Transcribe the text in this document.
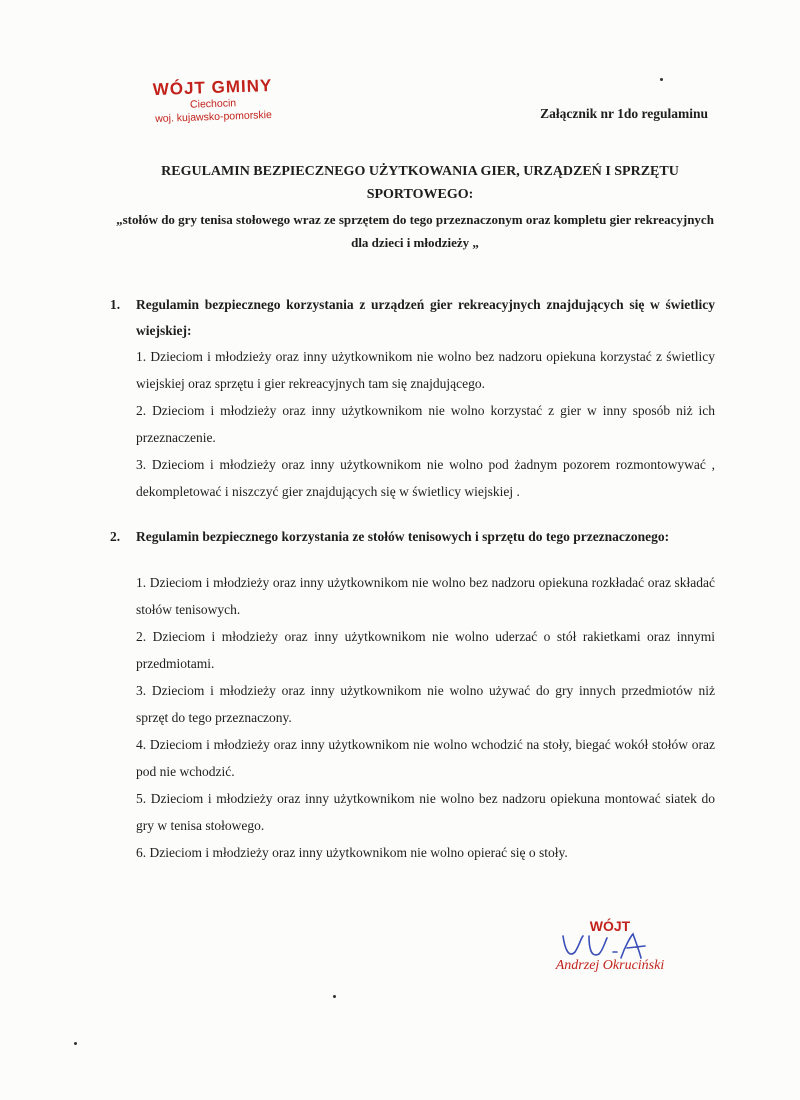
WÓJT GMINY
Ciechocin
woj. kujawsko-pomorskie	Załącznik nr 1do regulaminu
REGULAMIN BEZPIECZNEGO UŻYTKOWANIA GIER, URZĄDZEŃ I SPRZĘTU SPORTOWEGO:
„stołów do gry tenisa stołowego wraz ze sprzętem do tego przeznaczonym oraz kompletu gier rekreacyjnych dla dzieci i młodzieży „
1.	Regulamin bezpiecznego korzystania z urządzeń gier rekreacyjnych znajdujących się w świetlicy wiejskiej:
1. Dzieciom i młodzieży oraz inny użytkownikom nie wolno bez nadzoru opiekuna korzystać z świetlicy wiejskiej oraz sprzętu i gier rekreacyjnych tam się znajdującego.
2. Dzieciom i młodzieży oraz inny użytkownikom nie wolno korzystać z gier w inny sposób niż ich przeznaczenie.
3. Dzieciom i młodzieży oraz inny użytkownikom nie wolno pod żadnym pozorem rozmontowywać , dekompletować i niszczyć gier znajdujących się w świetlicy wiejskiej .
2.	Regulamin bezpiecznego korzystania ze stołów tenisowych i sprzętu do tego przeznaczonego:
1. Dzieciom i młodzieży oraz inny użytkownikom nie wolno bez nadzoru opiekuna rozkładać oraz składać stołów tenisowych.
2. Dzieciom i młodzieży oraz inny użytkownikom nie wolno uderzać o stół rakietkami oraz innymi przedmiotami.
3. Dzieciom i młodzieży oraz inny użytkownikom nie wolno używać do gry innych przedmiotów niż sprzęt do tego przeznaczony.
4. Dzieciom i młodzieży oraz inny użytkownikom nie wolno wchodzić na stoły, biegać wokół stołów oraz pod nie wchodzić.
5. Dzieciom i młodzieży oraz inny użytkownikom nie wolno bez nadzoru opiekuna montować siatek do gry w tenisa stołowego.
6. Dzieciom i młodzieży oraz inny użytkownikom nie wolno opierać się o stoły.
WÓJT
Andrzej Okruciński
